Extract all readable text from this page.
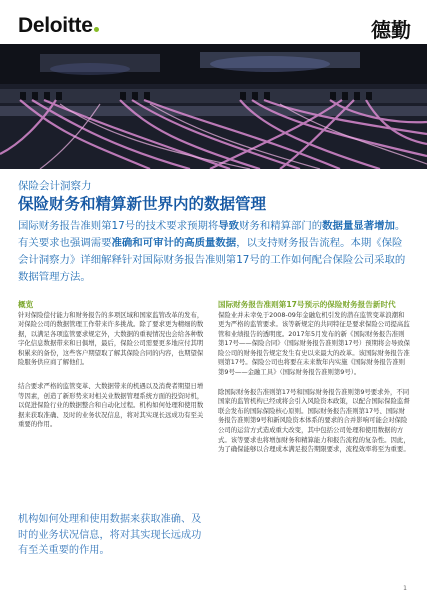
Deloitte	德勤
保险会计洞察力
保险财务和精算新世界内的数据管理
国际财务报告准则第17号的技术要求预期将导致财务和精算部门的数据量显著增加。有关要求也强调需要准确和可审计的高质量数据，以支持财务报告流程。本期《保险会计洞察力》详细解释针对国际财务报告准则第17号的工作如何配合保险公司采取的数据管理方法。
概览

针对保险偿付能力和财务报告的多项区域和国家监管改革的发布，对保险公司的数据管理工作带来许多挑战。除了要求更为精细的数据，以满足各项监管要求规定外，大数据的重视情况也会给各种数字化信息数据带来和日俱增，最后，保险公司需要更多地应付其明积累来的备份，这些客户期望取了解其保险合同的内容，也期望保险服务供应商了解他们。

结合要求严格的监管变革、大数据带来的机遇以及消费者期望日增等因素，创造了新形势来对相关业数据管理系统方面的投资时机，以促进保险行业的数据整合和自动化过程。机构如何处理和使用数据来获取准确、及时的业务状况信息，将对其实现长远成功有至关重要的作用。

机构如何处理和使用数据来获取准确、及时的业务状况信息，将对其实现长远成功有至关重要的作用。
国际财务报告准则第17号预示的保险财务报告新时代

保险业并未幸免于2008-09年金融危机引发的潜在监管变革浪潮和更为严格的监管要求。该等新规定的共同特征是要求保险公司提高监管和业绩报告的透明度。2017年5月发布的新《国际财务报告准则第17号——保险合同》（国际财务报告准则第17号）预期将会导致保险公司的财务报告规定发生有史以来最大的改革。该国际财务报告准则第17号。保险公司也将要在未来数年内实施《国际财务报告准则第9号——金融工具》（国际财务报告准则第9号）。

除国际财务报告准则第17号和国际财务报告准则第9号要求外，不同国家的监管机构已经或将会引入风险资本政策，以配合国际保险监督联会发布的国际保险核心原则。国际财务报告准则第17号、国际财务报告准则第9号和新风险资本体系的要求的合并影响可能会对保险公司的运营方式造成重大改变，其中包括公司处理和使用数据的方式。该等要求也将增加财务和精算能力和报告流程的复杂性。因此，为了确保能够以合理成本满足报告期限要求，流程效率将至为重要。

1
